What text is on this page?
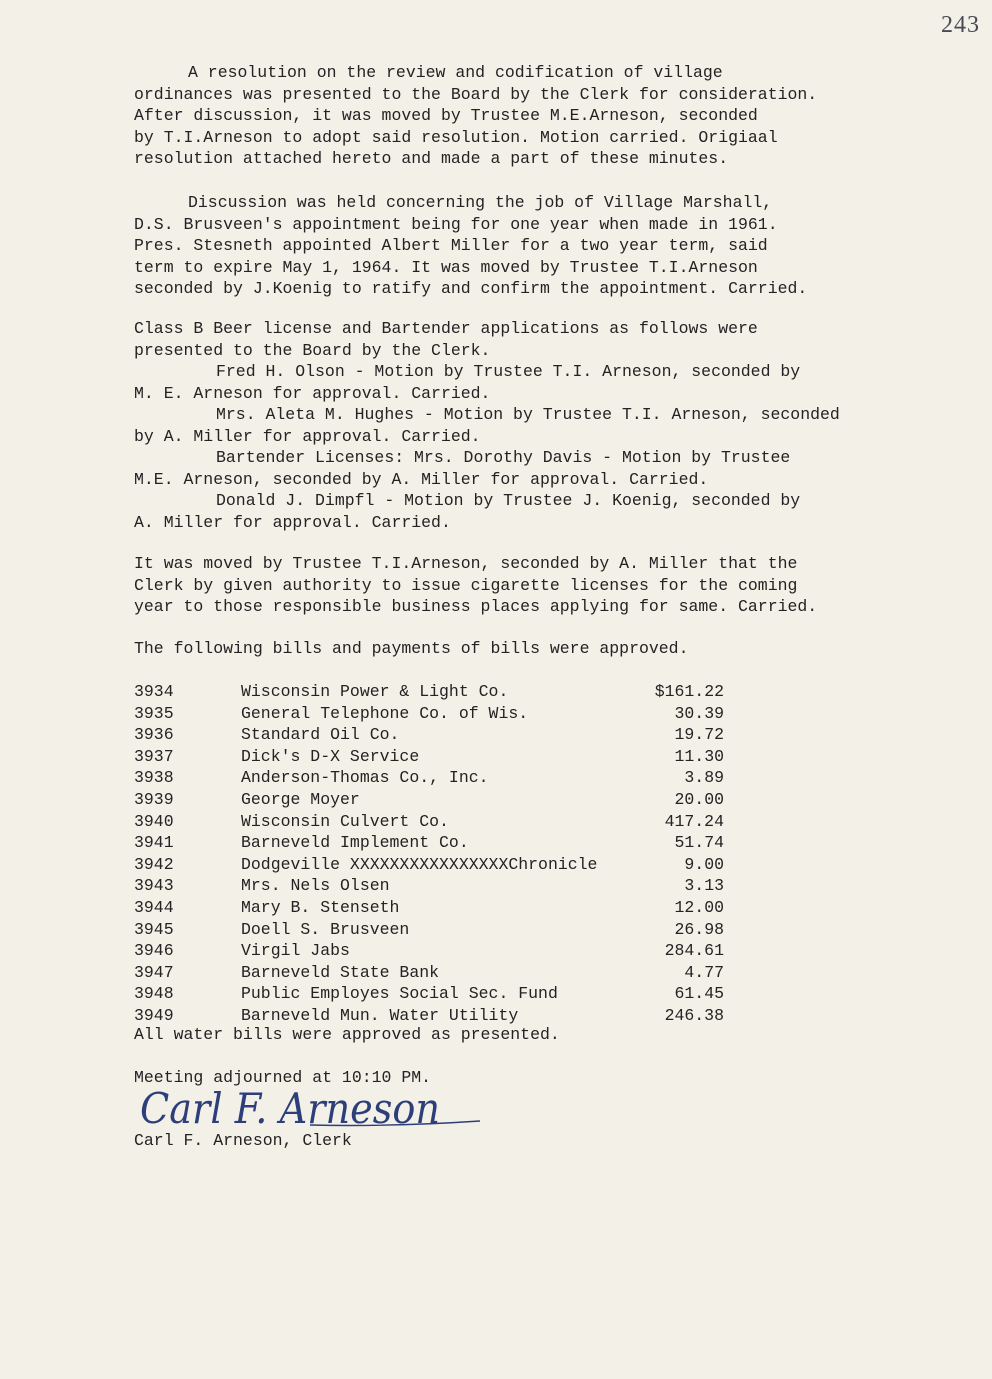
243
A resolution on the review and codification of village
ordinances was presented to the Board by the Clerk for consideration.
After discussion, it was moved by Trustee M.E.Arneson, seconded
by T.I.Arneson to adopt said resolution. Motion carried. Origiaal
resolution attached hereto and made a part of these minutes.
Discussion was held concerning the job of Village Marshall,
D.S. Brusveen's appointment being for one year when made in 1961.
Pres. Stesneth appointed Albert Miller for a two year term, said
term to expire May 1, 1964. It was moved by Trustee T.I.Arneson
seconded by J.Koenig to ratify and confirm the appointment. Carried.
Class B Beer license and Bartender applications as follows were
presented to the Board by the Clerk.
Fred H. Olson - Motion by Trustee T.I. Arneson, seconded by
M. E. Arneson for approval. Carried.
Mrs. Aleta M. Hughes - Motion by Trustee T.I. Arneson, seconded
by A. Miller for approval. Carried.
Bartender Licenses: Mrs. Dorothy Davis - Motion by Trustee
M.E. Arneson, seconded by A. Miller for approval. Carried.
Donald J. Dimpfl - Motion by Trustee J. Koenig, seconded by
A. Miller for approval. Carried.
It was moved by Trustee T.I.Arneson, seconded by A. Miller that the
Clerk by given authority to issue cigarette licenses for the coming
year to those responsible business places applying for same. Carried.
The following bills and payments of bills were approved.
3934	Wisconsin Power & Light Co.	$161.22
3935	General Telephone Co. of Wis.	30.39
3936	Standard Oil Co.	19.72
3937	Dick's D-X Service	11.30
3938	Anderson-Thomas Co., Inc.	3.89
3939	George Moyer	20.00
3940	Wisconsin Culvert Co.	417.24
3941	Barneveld Implement Co.	51.74
3942	Dodgeville XXXXXXXXXXXXXXXXChronicle	9.00
3943	Mrs. Nels Olsen	3.13
3944	Mary B. Stenseth	12.00
3945	Doell S. Brusveen	26.98
3946	Virgil Jabs	284.61
3947	Barneveld State Bank	4.77
3948	Public Employes Social Sec. Fund	61.45
3949	Barneveld Mun. Water Utility	246.38
All water bills were approved as presented.
Meeting adjourned at 10:10 PM.
Carl F. Arneson
Carl F. Arneson, Clerk
